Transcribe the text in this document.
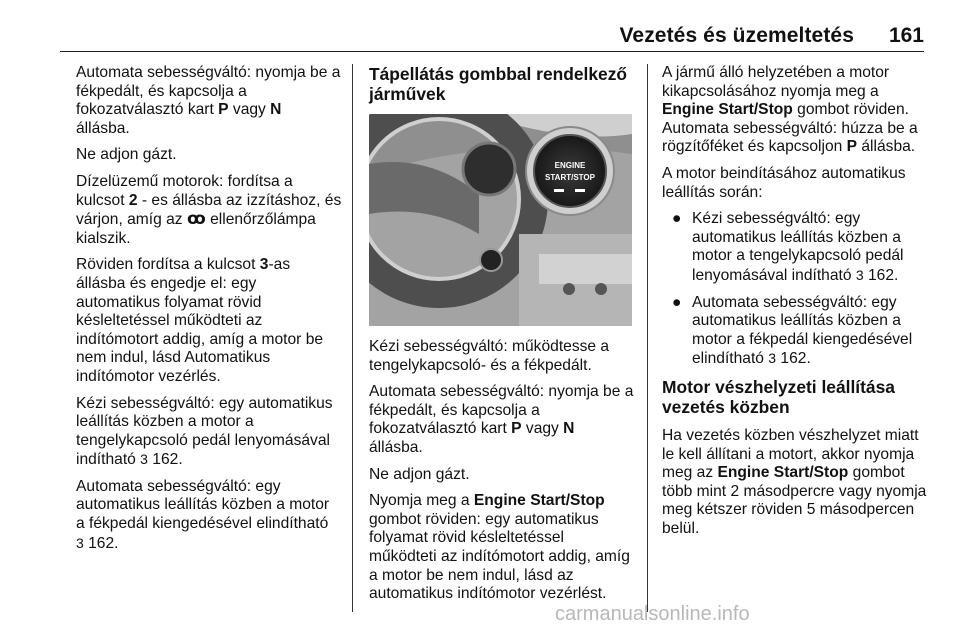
Vezetés és üzemeltetés 161

Automata sebességváltó: nyomja be a fékpedált, és kapcsolja a fokozatválasztó kart P vagy N
állásba.

Ne adjon gázt.

Dízelüzemű motorok: fordítsa a kulcsot 2 - es állásba az izzításhoz, és várjon, amíg az ꝏ ellenőrzőlámpa kialszik.

Röviden fordítsa a kulcsot 3-as állásba és engedje el: egy automatikus folyamat rövid késleltetéssel működteti az indítómotort addig, amíg a motor be nem indul, lásd Automatikus indítómotor vezérlés.

Kézi sebességváltó: egy automatikus leállítás közben a motor a tengelykapcsoló pedál lenyomásával indítható 3 162.

Automata sebességváltó: egy automatikus leállítás közben a motor a fékpedál kiengedésével elindítható
3 162.

Tápellátás gombbal rendelkező járművek
ENGINE
START/STOP

Kézi sebességváltó: működtesse a tengelykapcsoló- és a fékpedált.

Automata sebességváltó: nyomja be a fékpedált, és kapcsolja a fokozatválasztó kart P vagy N
állásba.

Ne adjon gázt.

Nyomja meg a Engine Start/Stop gombot röviden: egy automatikus folyamat rövid késleltetéssel működteti az indítómotort addig, amíg a motor be nem indul, lásd az automatikus indítómotor vezérlést.

A jármű álló helyzetében a motor kikapcsolásához nyomja meg a Engine Start/Stop gombot röviden. Automata sebességváltó: húzza be a rögzítőféket és kapcsoljon P állásba.

A motor beindításához automatikus leállítás során:

● Kézi sebességváltó: egy automatikus leállítás közben a motor a tengelykapcsoló pedál lenyomásával indítható 3 162.
● Automata sebességváltó: egy automatikus leállítás közben a motor a fékpedál kiengedésével elindítható 3 162.
Motor vészhelyzeti leállítása vezetés közben

Ha vezetés közben vészhelyzet miatt le kell állítani a motort, akkor nyomja meg az Engine Start/Stop gombot több mint 2 másodpercre vagy nyomja meg kétszer röviden 5 másodpercen belül.

carmanualsonline.info
